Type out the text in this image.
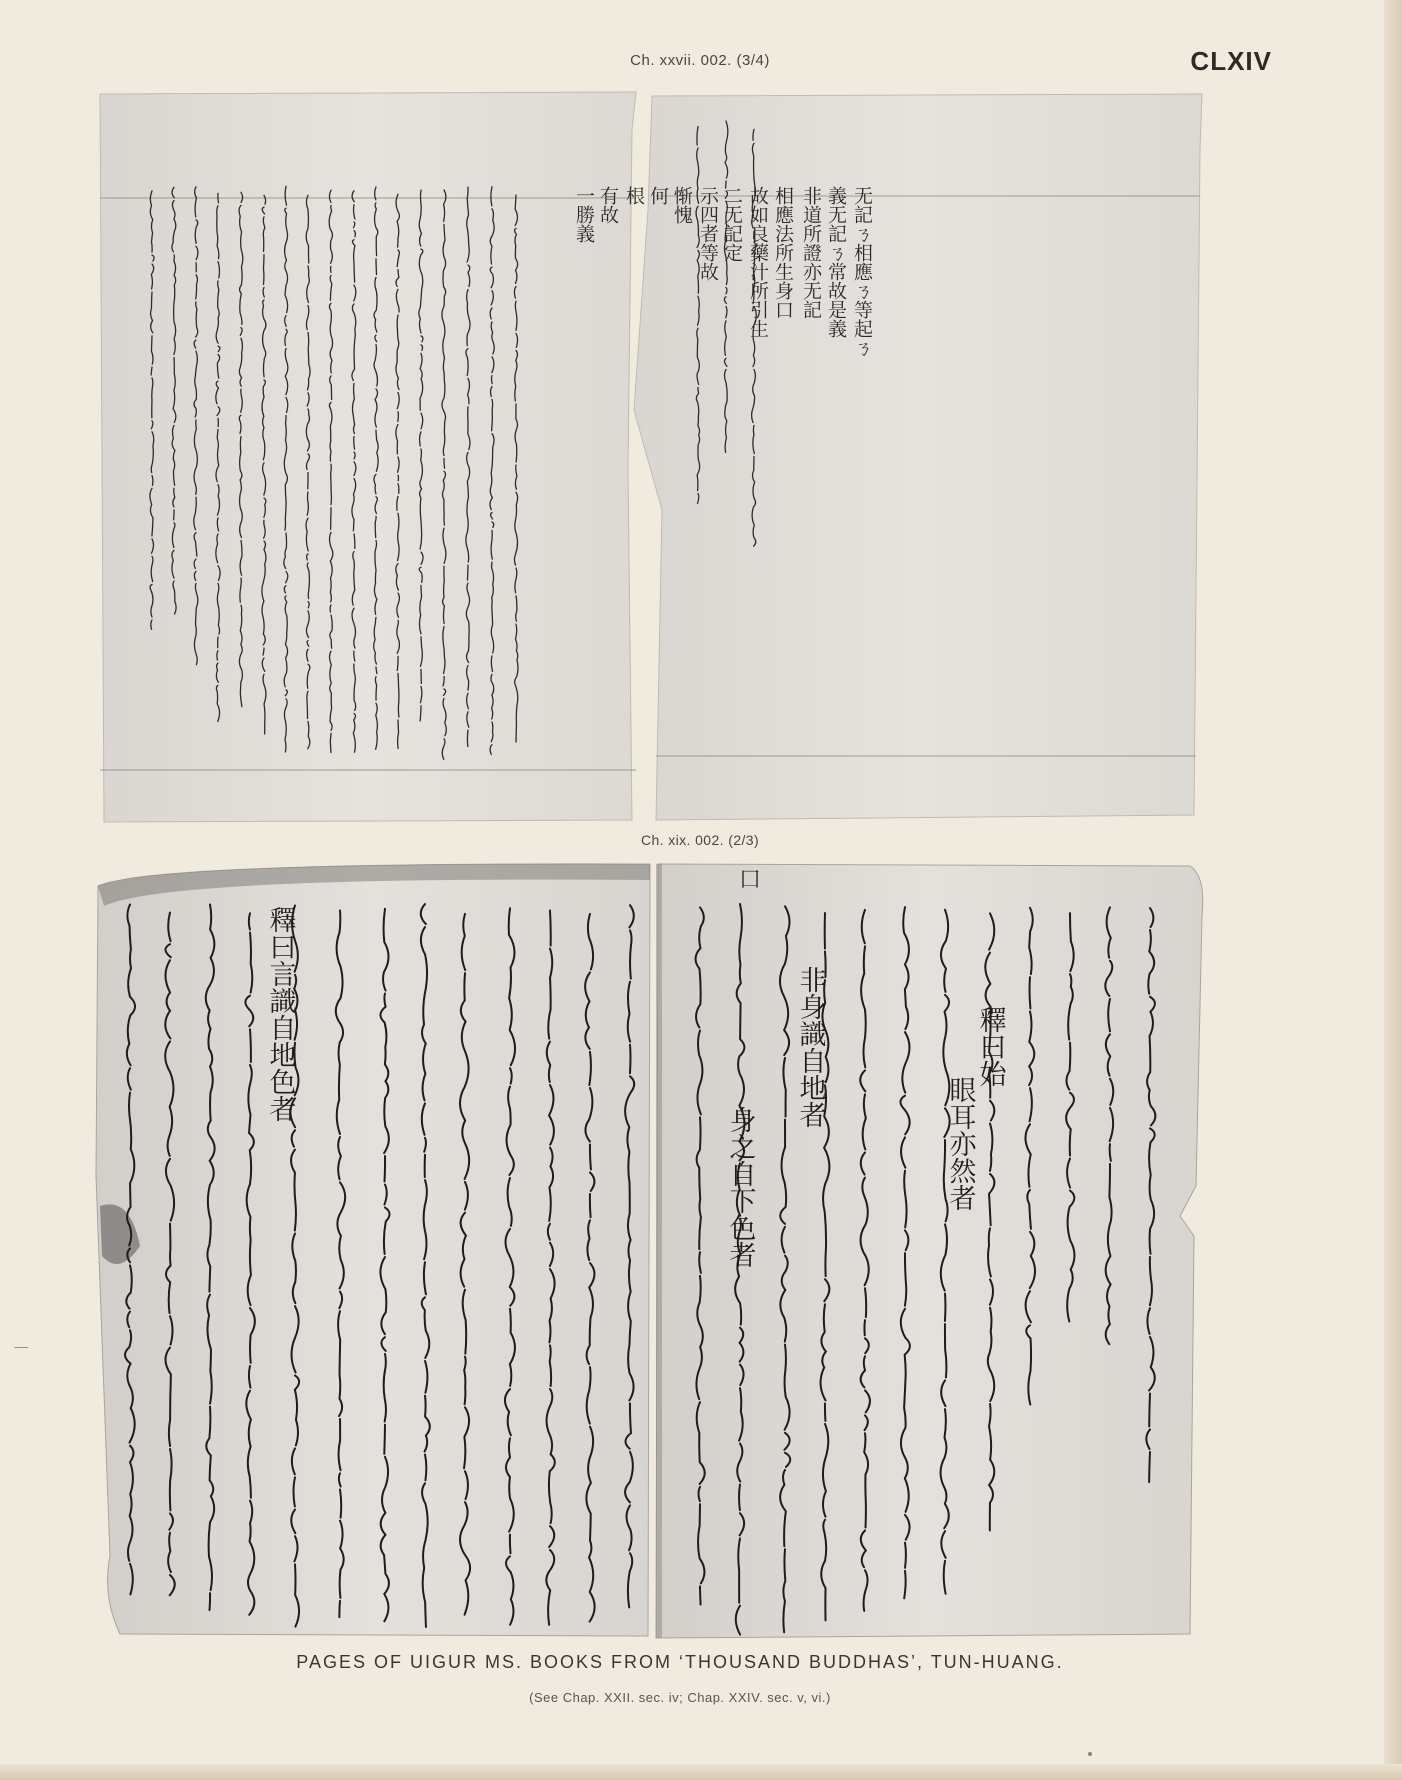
Ch. xxvii. 002. (3/4)	CLXIV
无記ㄋ相應ㄋ等起ㄋ
義无記ㄋ常故是義
非道所證亦无記
相應法所生身口
故如良藥汁所引生
二无記定
示四者等故
惭愧
何
根
有故
一勝義
Ch. xix. 002. (2/3)
釋曰始
眼耳亦然者
非身識自地者
身之自下色者
釋曰言識自地色者
囗
PAGES OF UIGUR MS. BOOKS FROM ‘THOUSAND BUDDHAS’, TUN-HUANG.
(See Chap. XXII. sec. iv; Chap. XXIV. sec. v, vi.)
